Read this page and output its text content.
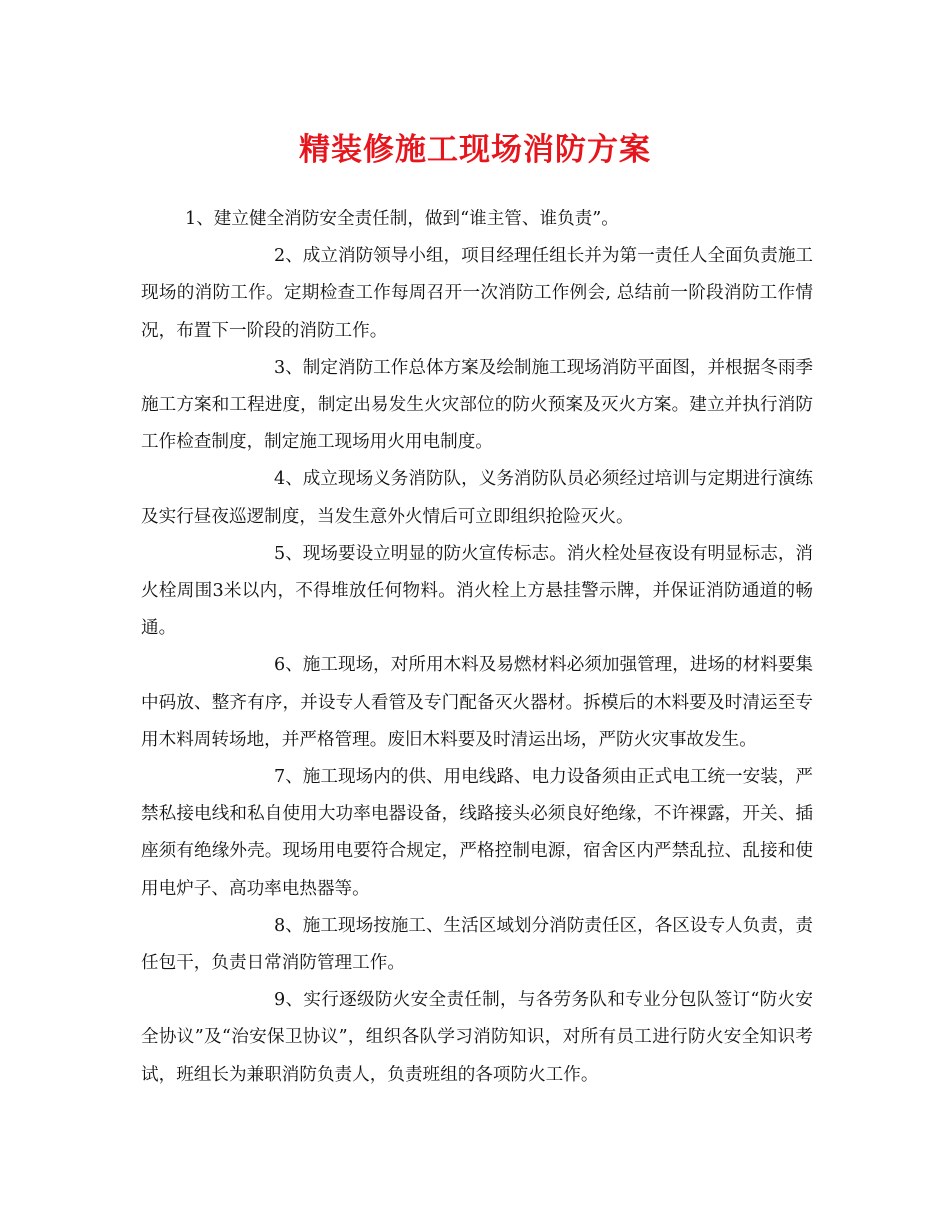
精装修施工现场消防方案

1、建立健全消防安全责任制，做到“谁主管、谁负责”。

2、成立消防领导小组，项目经理任组长并为第一责任人全面负责施工现场的消防工作。定期检查工作每周召开一次消防工作例会, 总结前一阶段消防工作情况，布置下一阶段的消防工作。

3、制定消防工作总体方案及绘制施工现场消防平面图，并根据冬雨季施工方案和工程进度，制定出易发生火灾部位的防火预案及灭火方案。建立并执行消防工作检查制度，制定施工现场用火用电制度。

4、成立现场义务消防队，义务消防队员必须经过培训与定期进行演练及实行昼夜巡逻制度，当发生意外火情后可立即组织抢险灭火。

5、现场要设立明显的防火宣传标志。消火栓处昼夜设有明显标志，消火栓周围3米以内，不得堆放任何物料。消火栓上方悬挂警示牌，并保证消防通道的畅通。

6、施工现场，对所用木料及易燃材料必须加强管理，进场的材料要集中码放、整齐有序，并设专人看管及专门配备灭火器材。拆模后的木料要及时清运至专用木料周转场地，并严格管理。废旧木料要及时清运出场，严防火灾事故发生。

7、施工现场内的供、用电线路、电力设备须由正式电工统一安装，严禁私接电线和私自使用大功率电器设备，线路接头必须良好绝缘，不许裸露，开关、插座须有绝缘外壳。现场用电要符合规定，严格控制电源，宿舍区内严禁乱拉、乱接和使用电炉子、高功率电热器等。

8、施工现场按施工、生活区域划分消防责任区，各区设专人负责，责任包干，负责日常消防管理工作。

9、实行逐级防火安全责任制，与各劳务队和专业分包队签订“防火安全协议”及“治安保卫协议”，组织各队学习消防知识，对所有员工进行防火安全知识考试，班组长为兼职消防负责人，负责班组的各项防火工作。
